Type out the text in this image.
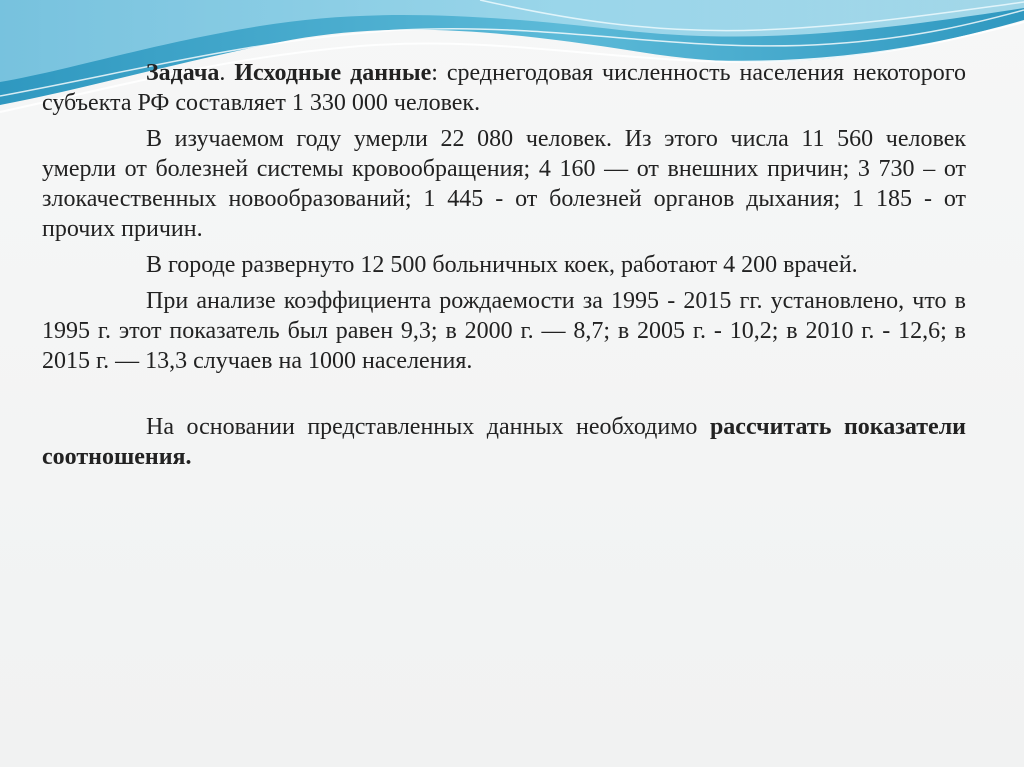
Задача. Исходные данные: среднегодовая численность населения некоторого субъекта РФ составляет 1 330 000 человек.

В изучаемом году умерли 22 080 человек. Из этого числа 11 560 человек умерли от болезней системы кровообращения; 4 160 — от внешних причин; 3 730 – от злокачественных новообразований; 1 445 - от болезней органов дыхания; 1 185 - от прочих причин.

В городе развернуто 12 500 больничных коек, работают 4 200 врачей.

При анализе коэффициента рождаемости за 1995 - 2015 гг. установлено, что в 1995 г. этот показатель был равен 9,3; в 2000 г. — 8,7; в 2005 г. - 10,2; в 2010 г. - 12,6; в 2015 г. — 13,3 случаев на 1000 населения.

На основании представленных данных необходимо рассчитать показатели соотношения.
